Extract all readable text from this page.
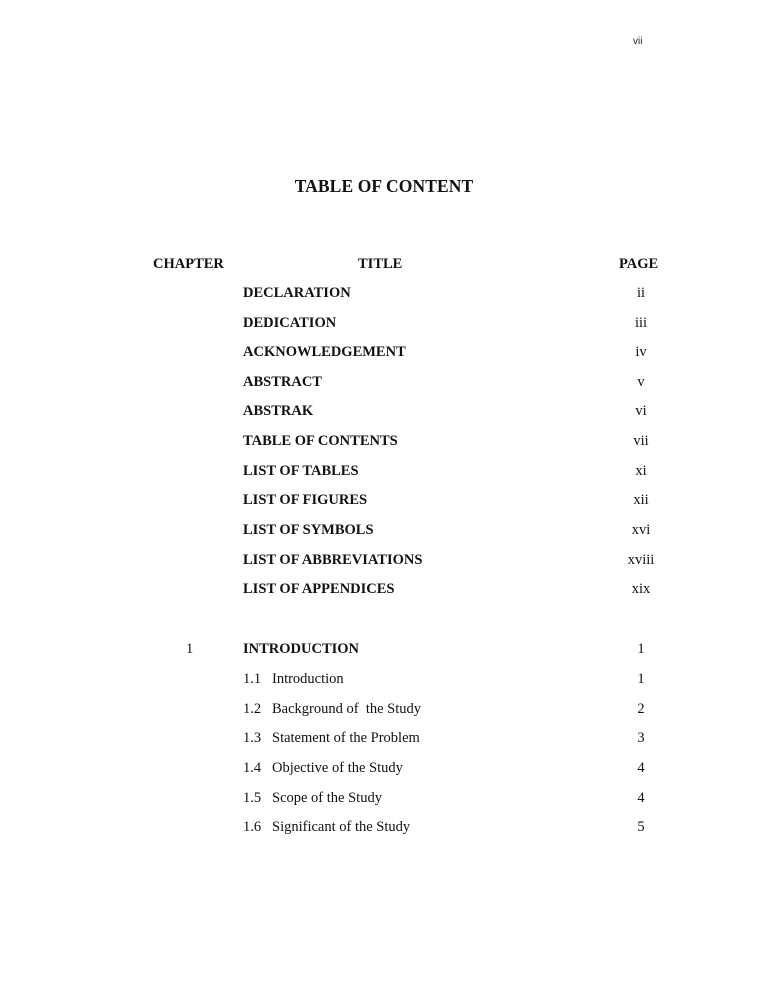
vii
TABLE OF CONTENT
CHAPTER	TITLE	PAGE
DECLARATION	ii
DEDICATION	iii
ACKNOWLEDGEMENT	iv
ABSTRACT	v
ABSTRAK	vi
TABLE OF CONTENTS	vii
LIST OF TABLES	xi
LIST OF FIGURES	xii
LIST OF SYMBOLS	xvi
LIST OF ABBREVIATIONS	xviii
LIST OF APPENDICES	xix
1	INTRODUCTION	1
1.1 Introduction	1
1.2 Background of  the Study	2
1.3 Statement of the Problem	3
1.4 Objective of the Study	4
1.5 Scope of the Study	4
1.6 Significant of the Study	5
